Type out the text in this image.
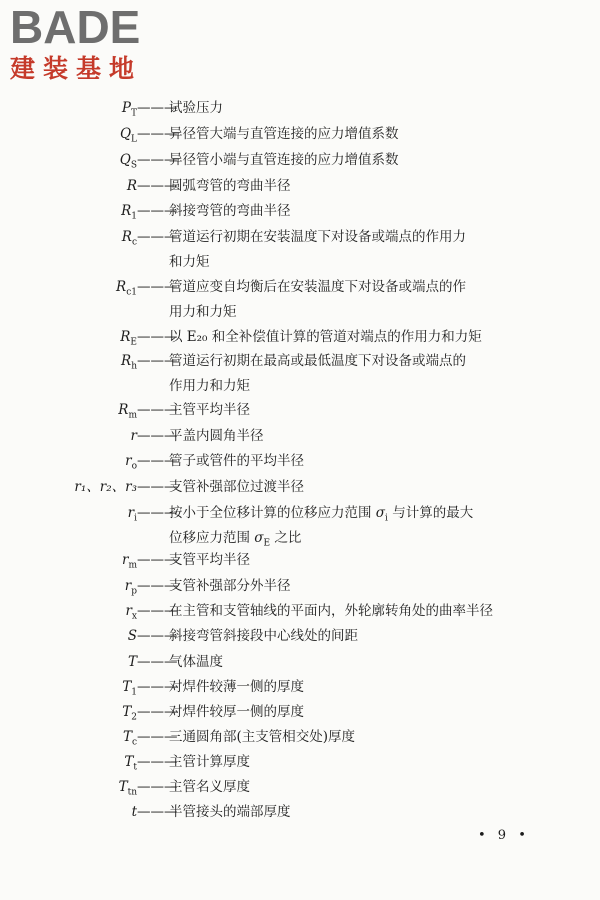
BADE
建装基地
$P_T$ ———
试验压力
$Q_L$ ———
异径管大端与直管连接的应力增值系数
$Q_S$ ———
异径管小端与直管连接的应力增值系数
R ———
圆弧弯管的弯曲半径
$R_1$ ———
斜接弯管的弯曲半径
$R_c$ ———
管道运行初期在安装温度下对设备或端点的作用力
和力矩
$R_{c1}$ ———
管道应变自均衡后在安装温度下对设备或端点的作
用力和力矩
$R_E$ ———
以 E₂₀ 和全补偿值计算的管道对端点的作用力和力矩
$R_h$ ———
管道运行初期在最高或最低温度下对设备或端点的
作用力和力矩
$R_m$ ———
主管平均半径
r ———
平盖内圆角半径
$r_o$ ———
管子或管件的平均半径
r₁、r₂、r₃ ———
支管补强部位过渡半径
$r_i$ ———
按小于全位移计算的位移应力范围 $\sigma_i$ 与计算的最大
位移应力范围 $\sigma_E$ 之比
$r_m$ ———
支管平均半径
$r_p$ ———
支管补强部分外半径
$r_x$ ———
在主管和支管轴线的平面内，外轮廓转角处的曲率半径
S ———
斜接弯管斜接段中心线处的间距
T ———
气体温度
$T_1$ ———
对焊件较薄一侧的厚度
$T_2$ ———
对焊件较厚一侧的厚度
$T_c$ ———
三通圆角部(主支管相交处)厚度
$T_t$ ———
主管计算厚度
$T_{tn}$ ———
主管名义厚度
t ———
半管接头的端部厚度
• 9 •
